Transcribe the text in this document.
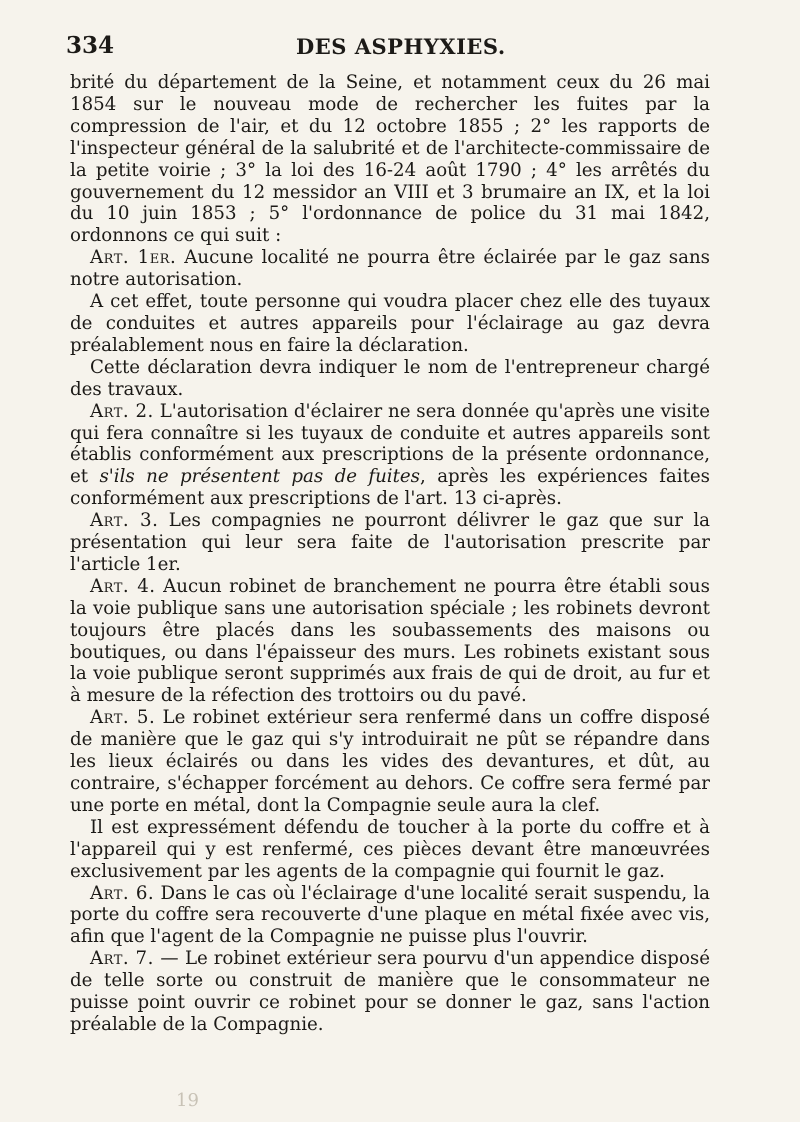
334	DES ASPHYXIES.

brité du département de la Seine, et notamment ceux du 26 mai 1854 sur le nouveau mode de rechercher les fuites par la compression de l'air, et du 12 octobre 1855 ; 2° les rapports de l'inspecteur général de la salubrité et de l'architecte-commissaire de la petite voirie ; 3° la loi des 16-24 août 1790 ; 4° les arrêtés du gouvernement du 12 messidor an VIII et 3 brumaire an IX, et la loi du 10 juin 1853 ; 5° l'ordonnance de police du 31 mai 1842, ordonnons ce qui suit :

Art. 1er. Aucune localité ne pourra être éclairée par le gaz sans notre autorisation.

A cet effet, toute personne qui voudra placer chez elle des tuyaux de conduites et autres appareils pour l'éclairage au gaz devra préalablement nous en faire la déclaration.

Cette déclaration devra indiquer le nom de l'entrepreneur chargé des travaux.

Art. 2. L'autorisation d'éclairer ne sera donnée qu'après une visite qui fera connaître si les tuyaux de conduite et autres appareils sont établis conformément aux prescriptions de la présente ordonnance, et s'ils ne présentent pas de fuites, après les expériences faites conformément aux prescriptions de l'art. 13 ci-après.

Art. 3. Les compagnies ne pourront délivrer le gaz que sur la présentation qui leur sera faite de l'autorisation prescrite par l'article 1er.

Art. 4. Aucun robinet de branchement ne pourra être établi sous la voie publique sans une autorisation spéciale ; les robinets devront toujours être placés dans les soubassements des maisons ou boutiques, ou dans l'épaisseur des murs. Les robinets existant sous la voie publique seront supprimés aux frais de qui de droit, au fur et à mesure de la réfection des trottoirs ou du pavé.

Art. 5. Le robinet extérieur sera renfermé dans un coffre disposé de manière que le gaz qui s'y introduirait ne pût se répandre dans les lieux éclairés ou dans les vides des devantures, et dût, au contraire, s'échapper forcément au dehors. Ce coffre sera fermé par une porte en métal, dont la Compagnie seule aura la clef.

Il est expressément défendu de toucher à la porte du coffre et à l'appareil qui y est renfermé, ces pièces devant être manœuvrées exclusivement par les agents de la compagnie qui fournit le gaz.

Art. 6. Dans le cas où l'éclairage d'une localité serait suspendu, la porte du coffre sera recouverte d'une plaque en métal fixée avec vis, afin que l'agent de la Compagnie ne puisse plus l'ouvrir.

Art. 7. — Le robinet extérieur sera pourvu d'un appendice disposé de telle sorte ou construit de manière que le consommateur ne puisse point ouvrir ce robinet pour se donner le gaz, sans l'action préalable de la Compagnie.

19
